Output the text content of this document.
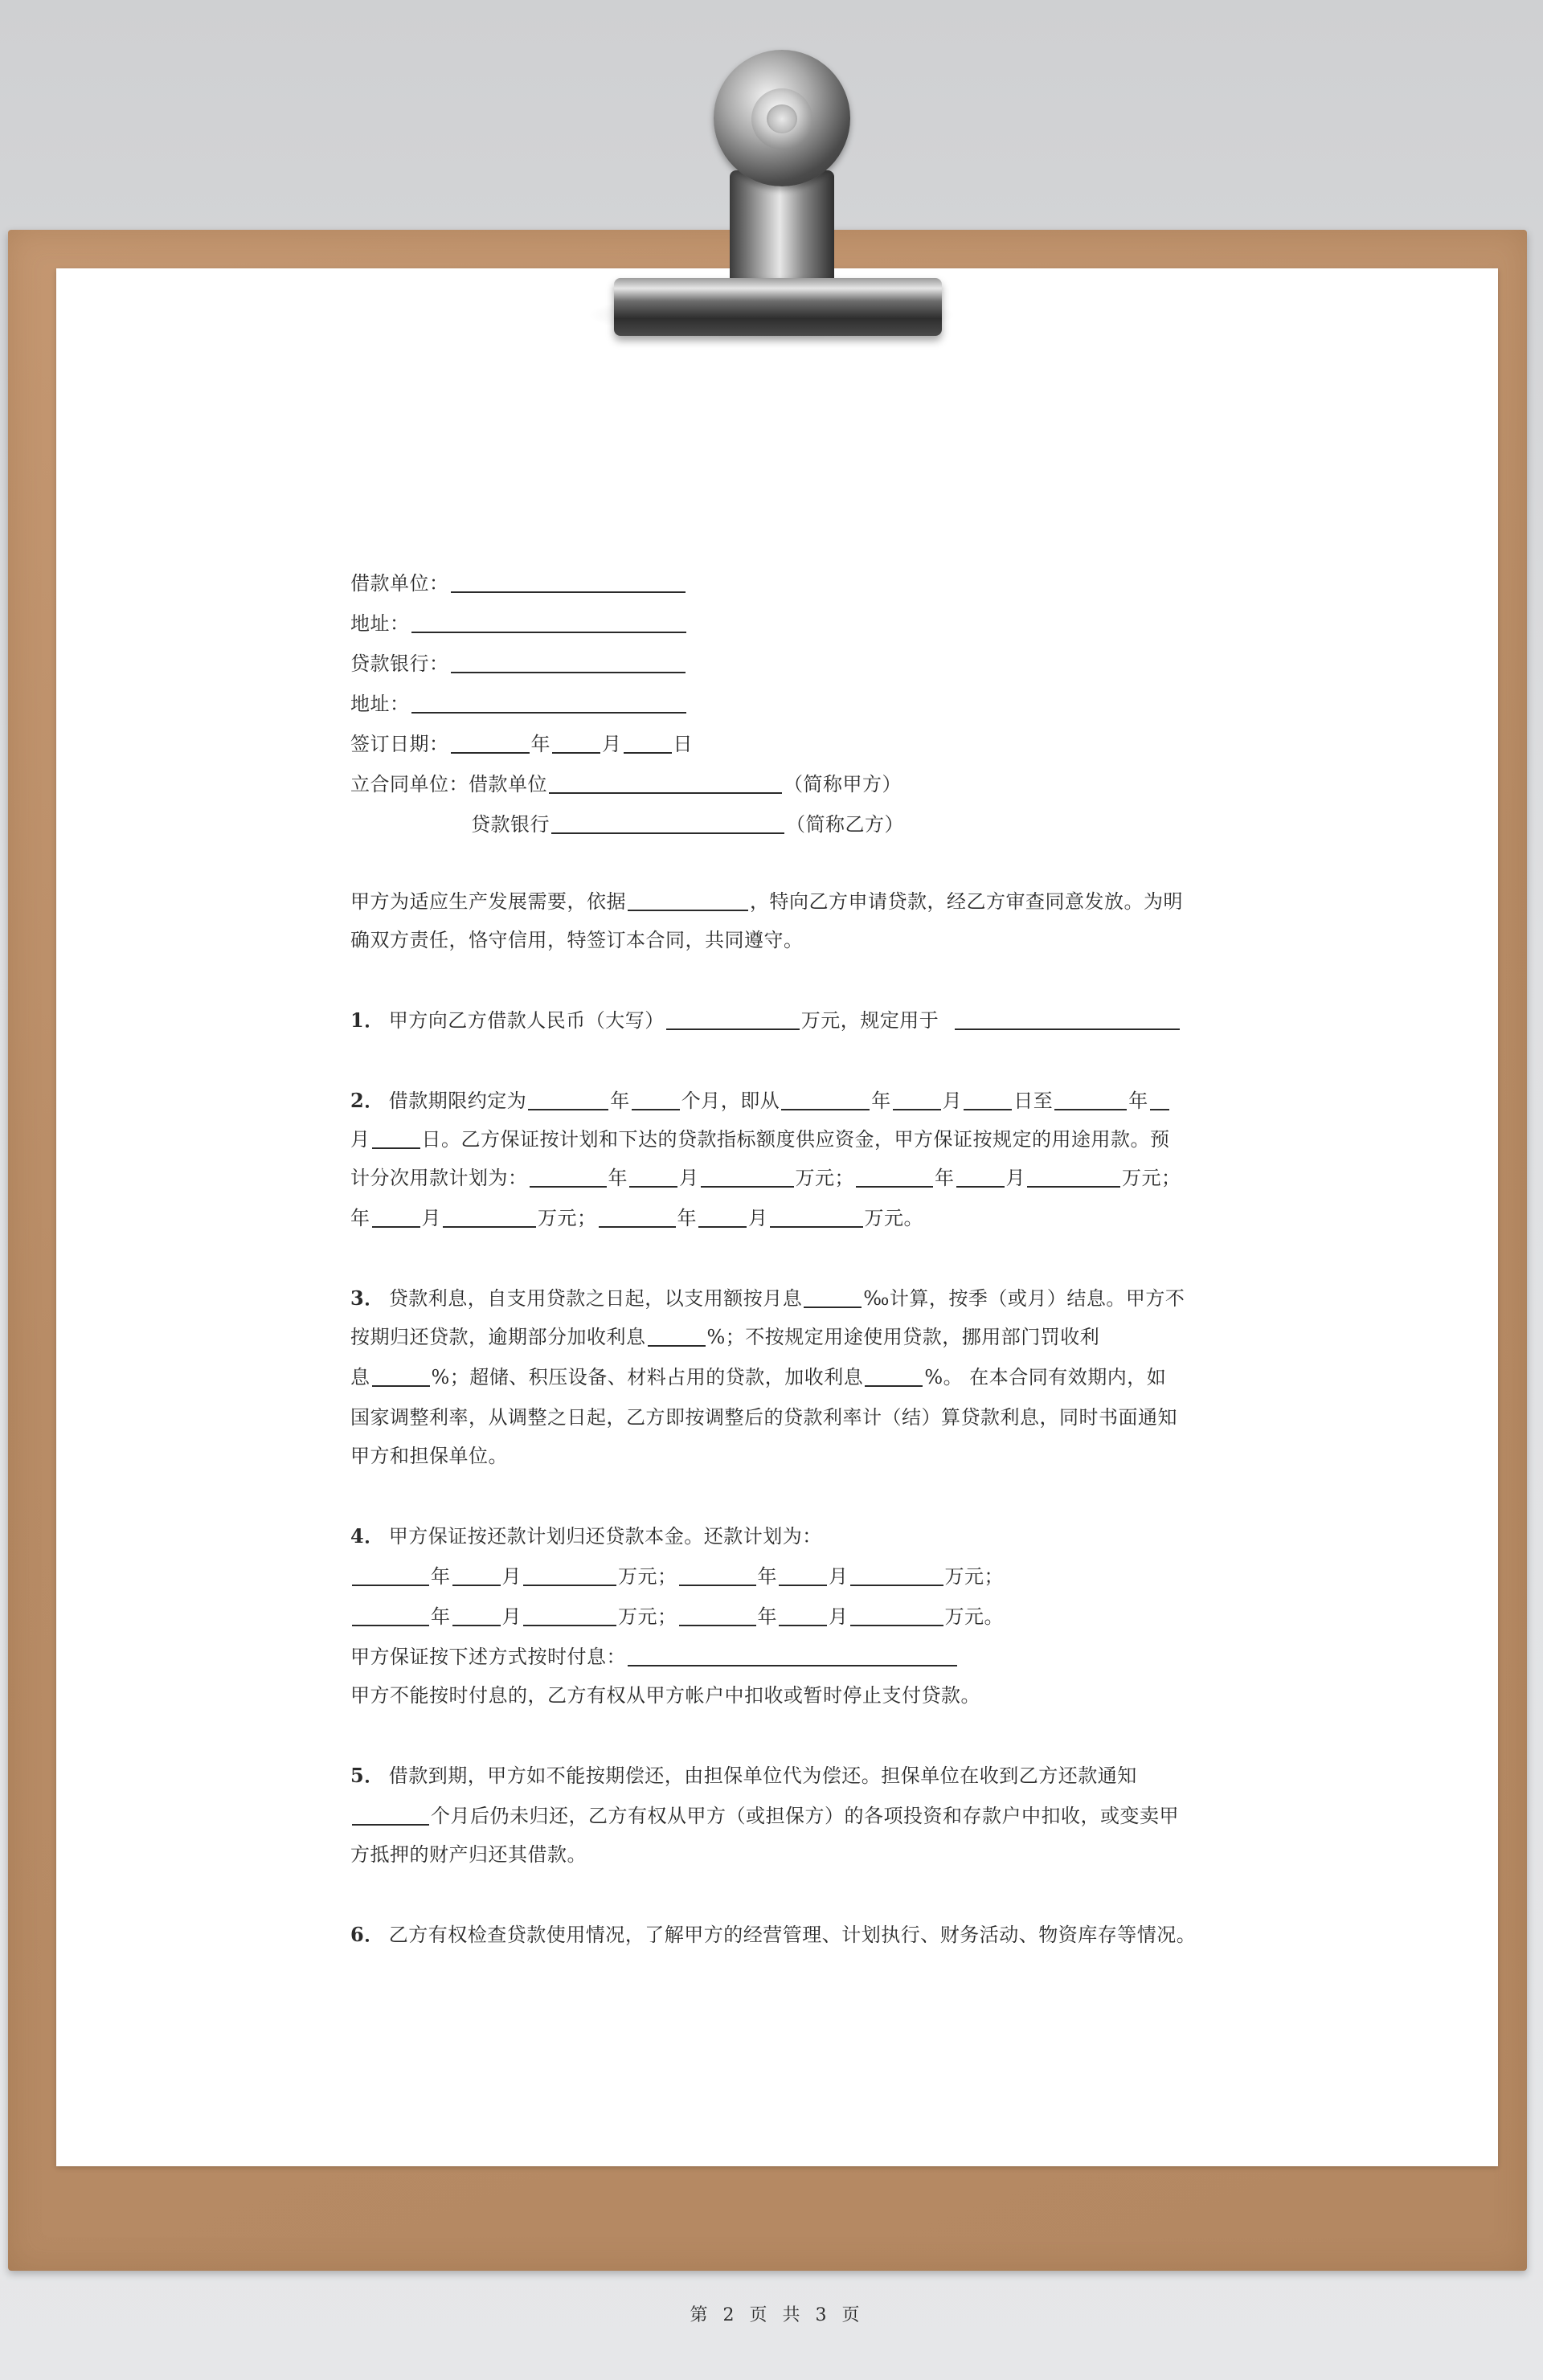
第 2 页 共 3 页
借款单位：
地址：
贷款银行：
地址：
签订日期：	年	月	日
立合同单位：借款单位	（简称甲方）
贷款银行	（简称乙方）
甲方为适应生产发展需要，依据	，特向乙方申请贷款，经乙方审查同意发放。为明
确双方责任，恪守信用，特签订本合同，共同遵守。
1． 甲方向乙方借款人民币（大写）	万元，规定用于
2． 借款期限约定为	年	个月，即从	年	月	日至	年
月	日。乙方保证按计划和下达的贷款指标额度供应资金，甲方保证按规定的用途用款。预
计分次用款计划为：	年	月	万元；	年	月	万元；
年	月	万元；	年	月	万元。
3． 贷款利息，自支用贷款之日起，以支用额按月息	‰计算，按季（或月）结息。甲方不
按期归还贷款，逾期部分加收利息	%；不按规定用途使用贷款，挪用部门罚收利
息	%；超储、积压设备、材料占用的贷款，加收利息	%。 在本合同有效期内，如
国家调整利率，从调整之日起，乙方即按调整后的贷款利率计（结）算贷款利息，同时书面通知
甲方和担保单位。
4． 甲方保证按还款计划归还贷款本金。还款计划为：
年	月	万元；	年	月	万元；
年	月	万元；	年	月	万元。
甲方保证按下述方式按时付息：
甲方不能按时付息的，乙方有权从甲方帐户中扣收或暂时停止支付贷款。
5． 借款到期，甲方如不能按期偿还，由担保单位代为偿还。担保单位在收到乙方还款通知
个月后仍未归还，乙方有权从甲方（或担保方）的各项投资和存款户中扣收，或变卖甲
方抵押的财产归还其借款。
6． 乙方有权检查贷款使用情况，了解甲方的经营管理、计划执行、财务活动、物资库存等情况。
